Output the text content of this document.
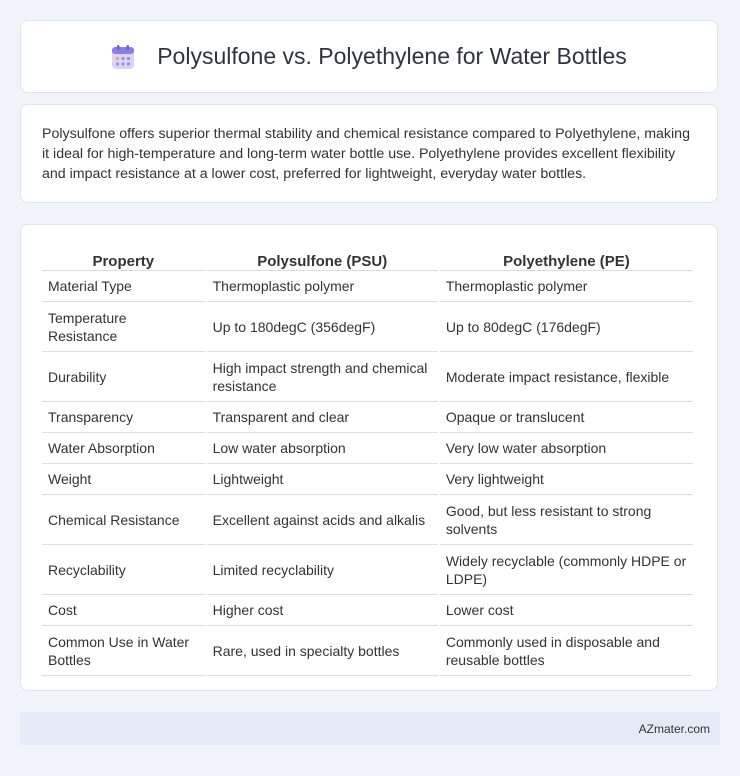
Polysulfone vs. Polyethylene for Water Bottles

Polysulfone offers superior thermal stability and chemical resistance compared to Polyethylene, making it ideal for high-temperature and long-term water bottle use. Polyethylene provides excellent flexibility and impact resistance at a lower cost, preferred for lightweight, everyday water bottles.

Property	Polysulfone (PSU)	Polyethylene (PE)
Material Type	Thermoplastic polymer	Thermoplastic polymer
Temperature Resistance	Up to 180degC (356degF)	Up to 80degC (176degF)
Durability	High impact strength and chemical resistance	Moderate impact resistance, flexible
Transparency	Transparent and clear	Opaque or translucent
Water Absorption	Low water absorption	Very low water absorption
Weight	Lightweight	Very lightweight
Chemical Resistance	Excellent against acids and alkalis	Good, but less resistant to strong solvents
Recyclability	Limited recyclability	Widely recyclable (commonly HDPE or LDPE)
Cost	Higher cost	Lower cost
Common Use in Water Bottles	Rare, used in specialty bottles	Commonly used in disposable and reusable bottles
AZmater.com
